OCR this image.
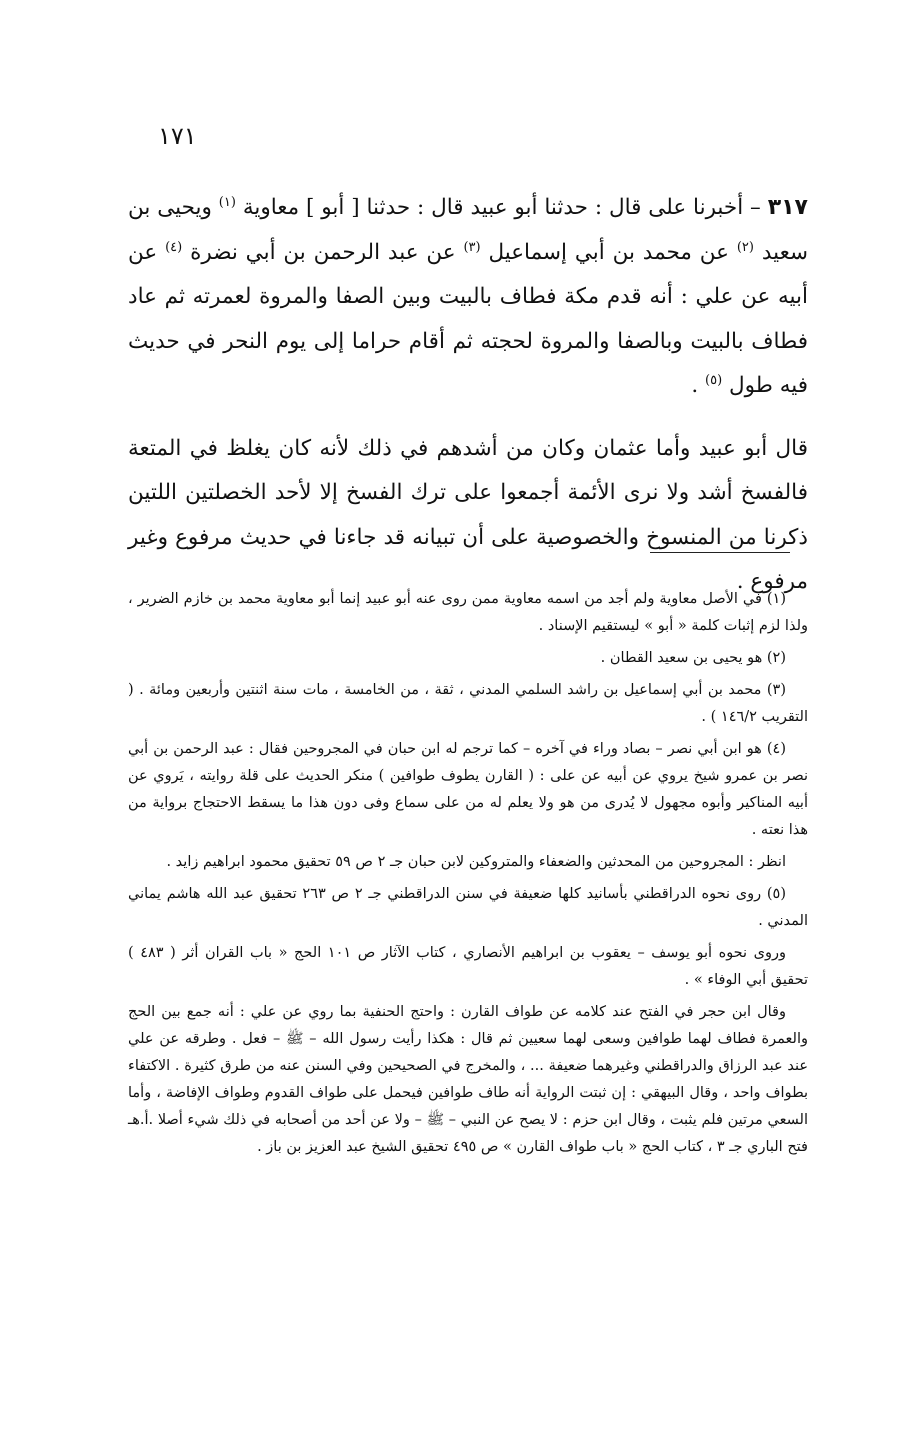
١٧١

٣١٧ – أخبرنا على قال : حدثنا أبو عبيد قال : حدثنا [ أبو ] معاوية $^{(١)}$ ويحيى بن سعيد $^{(٢)}$ عن محمد بن أبي إسماعيل $^{(٣)}$ عن عبد الرحمن بن أبي نضرة $^{(٤)}$ عن أبيه عن علي : أنه قدم مكة فطاف بالبيت وبين الصفا والمروة لعمرته ثم عاد فطاف بالبيت وبالصفا والمروة لحجته ثم أقام حراما إلى يوم النحر في حديث فيه طول $^{(٥)}$ .

قال أبو عبيد وأما عثمان وكان من أشدهم في ذلك لأنه كان يغلظ في المتعة فالفسخ أشد ولا نرى الأئمة أجمعوا على ترك الفسخ إلا لأحد الخصلتين اللتين ذكرنا من المنسوخ والخصوصية على أن تبيانه قد جاءنا في حديث مرفوع وغير مرفوع .

(١) في الأصل معاوية ولم أجد من اسمه معاوية ممن روى عنه أبو عبيد إنما أبو معاوية محمد بن خازم الضرير ، ولذا لزم إثبات كلمة « أبو » ليستقيم الإسناد .

(٢) هو يحيى بن سعيد القطان .

(٣) محمد بن أبي إسماعيل بن راشد السلمي المدني ، ثقة ، من الخامسة ، مات سنة اثنتين وأربعين ومائة . ( التقريب ١٤٦/٢ ) .

(٤) هو ابن أبي نصر – بصاد وراء في آخره – كما ترجم له ابن حبان في المجروحين فقال : عبد الرحمن بن أبي نصر بن عمرو شيخ يروي عن أبيه عن على : ( القارن يطوف طوافين ) منكر الحديث على قلة روايته ، يَروي عن أبيه المناكير وأبوه مجهول لا يُدرى من هو ولا يعلم له من على سماع وفى دون هذا ما يسقط الاحتجاج برواية من هذا نعته .

انظر : المجروحين من المحدثين والضعفاء والمتروكين لابن حبان جـ ٢ ص ٥٩ تحقيق محمود ابراهيم زايد .

(٥) روى نحوه الدراقطني بأسانيد كلها ضعيفة في سنن الدراقطني جـ ٢ ص ٢٦٣ تحقيق عبد الله هاشم يماني المدني .

وروى نحوه أبو يوسف – يعقوب بن ابراهيم الأنصاري ، كتاب الآثار ص ١٠١ الحج « باب القران أثر ( ٤٨٣ ) تحقيق أبي الوفاء » .

وقال ابن حجر في الفتح عند كلامه عن طواف القارن : واحتج الحنفية بما روي عن علي : أنه جمع بين الحج والعمرة فطاف لهما طوافين وسعى لهما سعيين ثم قال : هكذا رأيت رسول الله – ﷺ – فعل . وطرقه عن علي عند عبد الرزاق والدراقطني وغيرهما ضعيفة ... ، والمخرج في الصحيحين وفي السنن عنه من طرق كثيرة . الاكتفاء بطواف واحد ، وقال البيهقي : إن ثبتت الرواية أنه طاف طوافين فيحمل على طواف القدوم وطواف الإفاضة ، وأما السعي مرتين فلم يثبت ، وقال ابن حزم : لا يصح عن النبي – ﷺ – ولا عن أحد من أصحابه في ذلك شيء أصلا .أ.هـ فتح الباري جـ ٣ ، كتاب الحج « باب طواف القارن » ص ٤٩٥ تحقيق الشيخ عبد العزيز بن باز .
